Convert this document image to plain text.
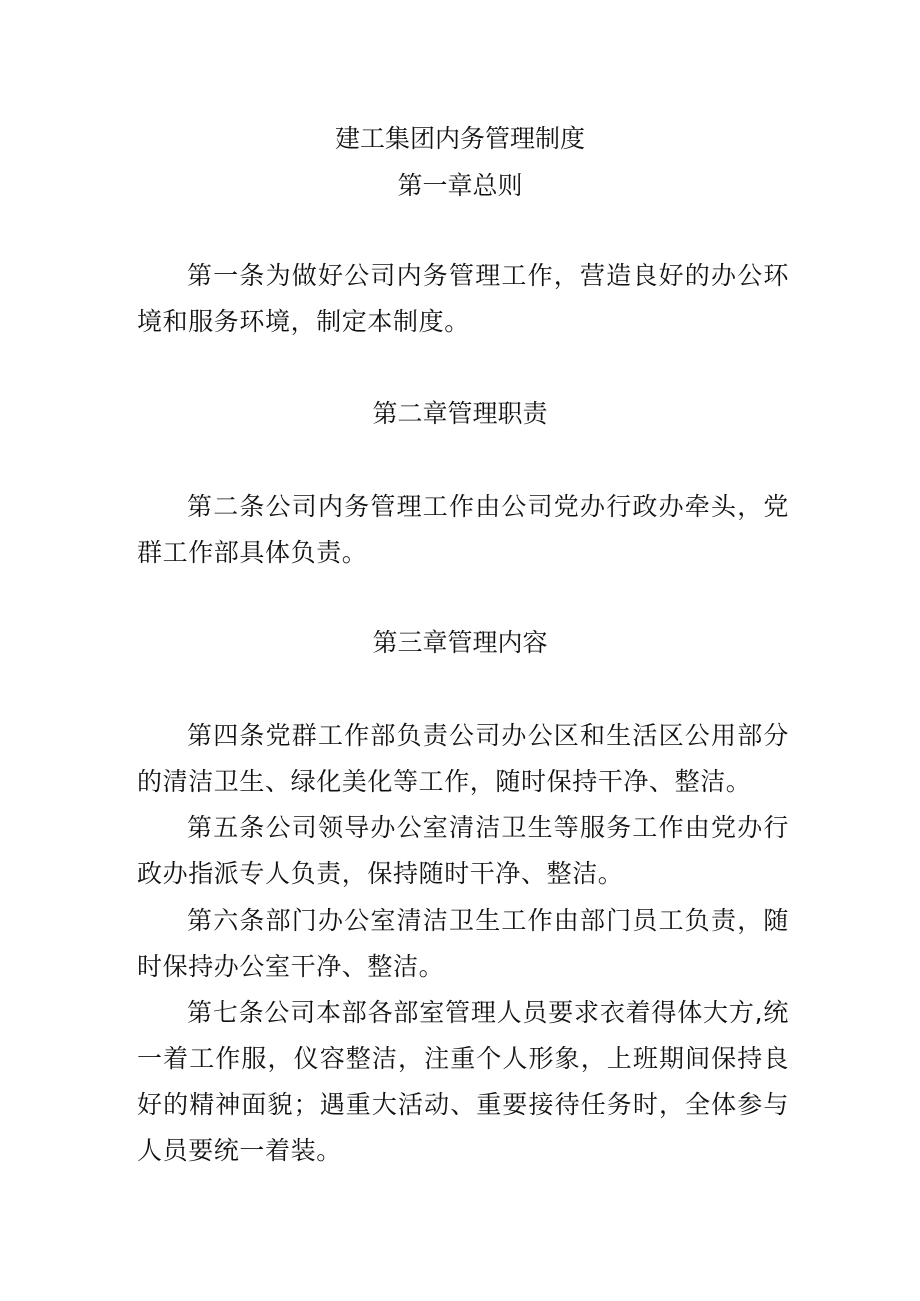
建工集团内务管理制度
第一章总则

第一条为做好公司内务管理工作，营造良好的办公环境和服务环境，制定本制度。

第二章管理职责

第二条公司内务管理工作由公司党办行政办牵头，党群工作部具体负责。

第三章管理内容

第四条党群工作部负责公司办公区和生活区公用部分的清洁卫生、绿化美化等工作，随时保持干净、整洁。

第五条公司领导办公室清洁卫生等服务工作由党办行政办指派专人负责，保持随时干净、整洁。

第六条部门办公室清洁卫生工作由部门员工负责，随时保持办公室干净、整洁。

第七条公司本部各部室管理人员要求衣着得体大方,统一着工作服，仪容整洁，注重个人形象，上班期间保持良好的精神面貌；遇重大活动、重要接待任务时，全体参与人员要统一着装。
